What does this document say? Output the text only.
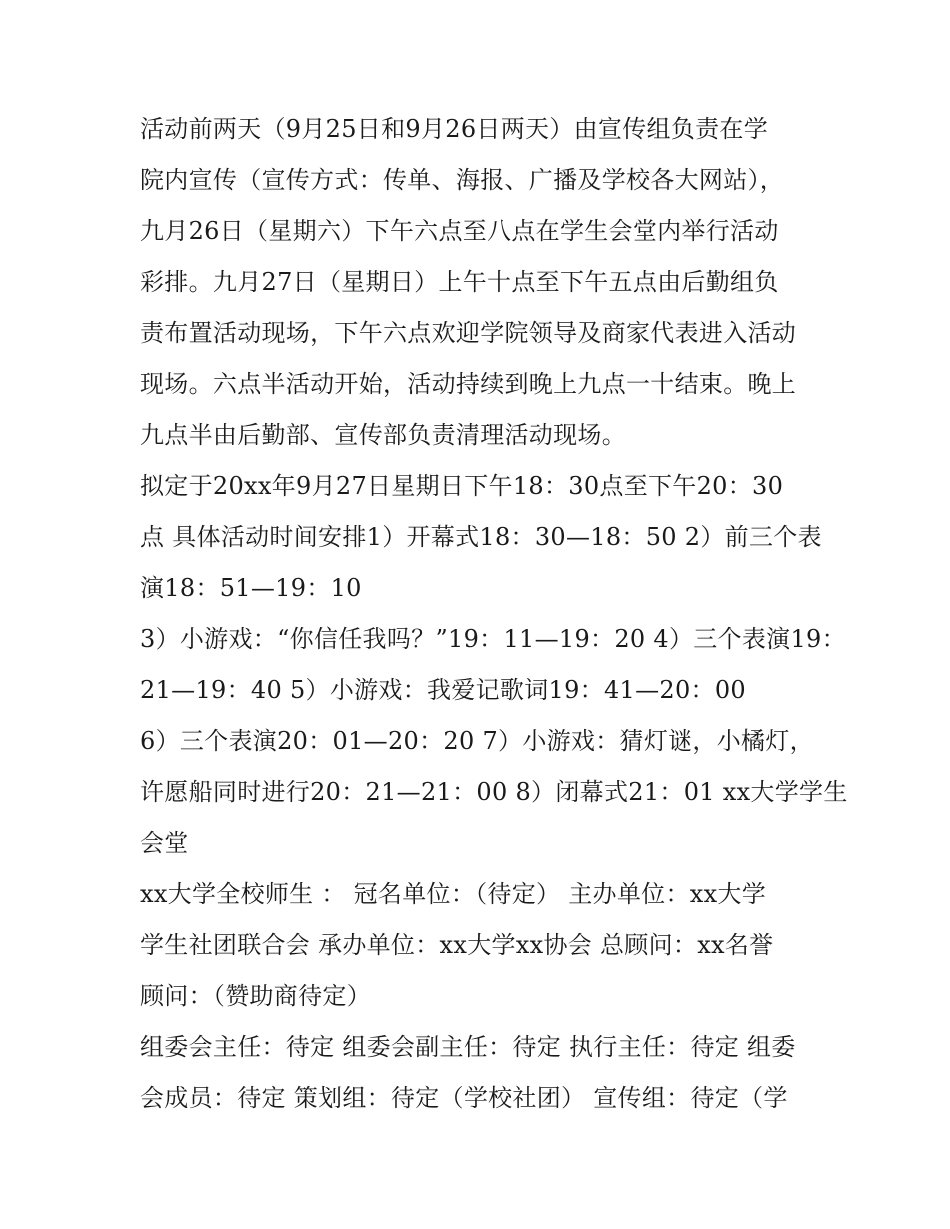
活动前两天（9月25日和9月26日两天）由宣传组负责在学
院内宣传（宣传方式：传单、海报、广播及学校各大网站），
九月26日（星期六）下午六点至八点在学生会堂内举行活动
彩排。九月27日（星期日）上午十点至下午五点由后勤组负
责布置活动现场，下午六点欢迎学院领导及商家代表进入活动
现场。六点半活动开始，活动持续到晚上九点一十结束。晚上
九点半由后勤部、宣传部负责清理活动现场。

拟定于20xx年9月27日星期日下午18：30点至下午20：30
点 具体活动时间安排1）开幕式18：30—18：50 2）前三个表
演18：51—19：10

3）小游戏：“你信任我吗？”19：11—19：20 4）三个表演19：
21—19：40 5）小游戏：我爱记歌词19：41—20：00

6）三个表演20：01—20：20 7）小游戏：猜灯谜，小橘灯，
许愿船同时进行20：21—21：00 8）闭幕式21：01 xx大学学生
会堂

xx大学全校师生 ： 冠名单位：（待定） 主办单位：xx大学
学生社团联合会 承办单位：xx大学xx协会 总顾问：xx名誉
顾问：（赞助商待定）

组委会主任：待定 组委会副主任：待定 执行主任：待定 组委
会成员：待定 策划组：待定（学校社团） 宣传组：待定（学
